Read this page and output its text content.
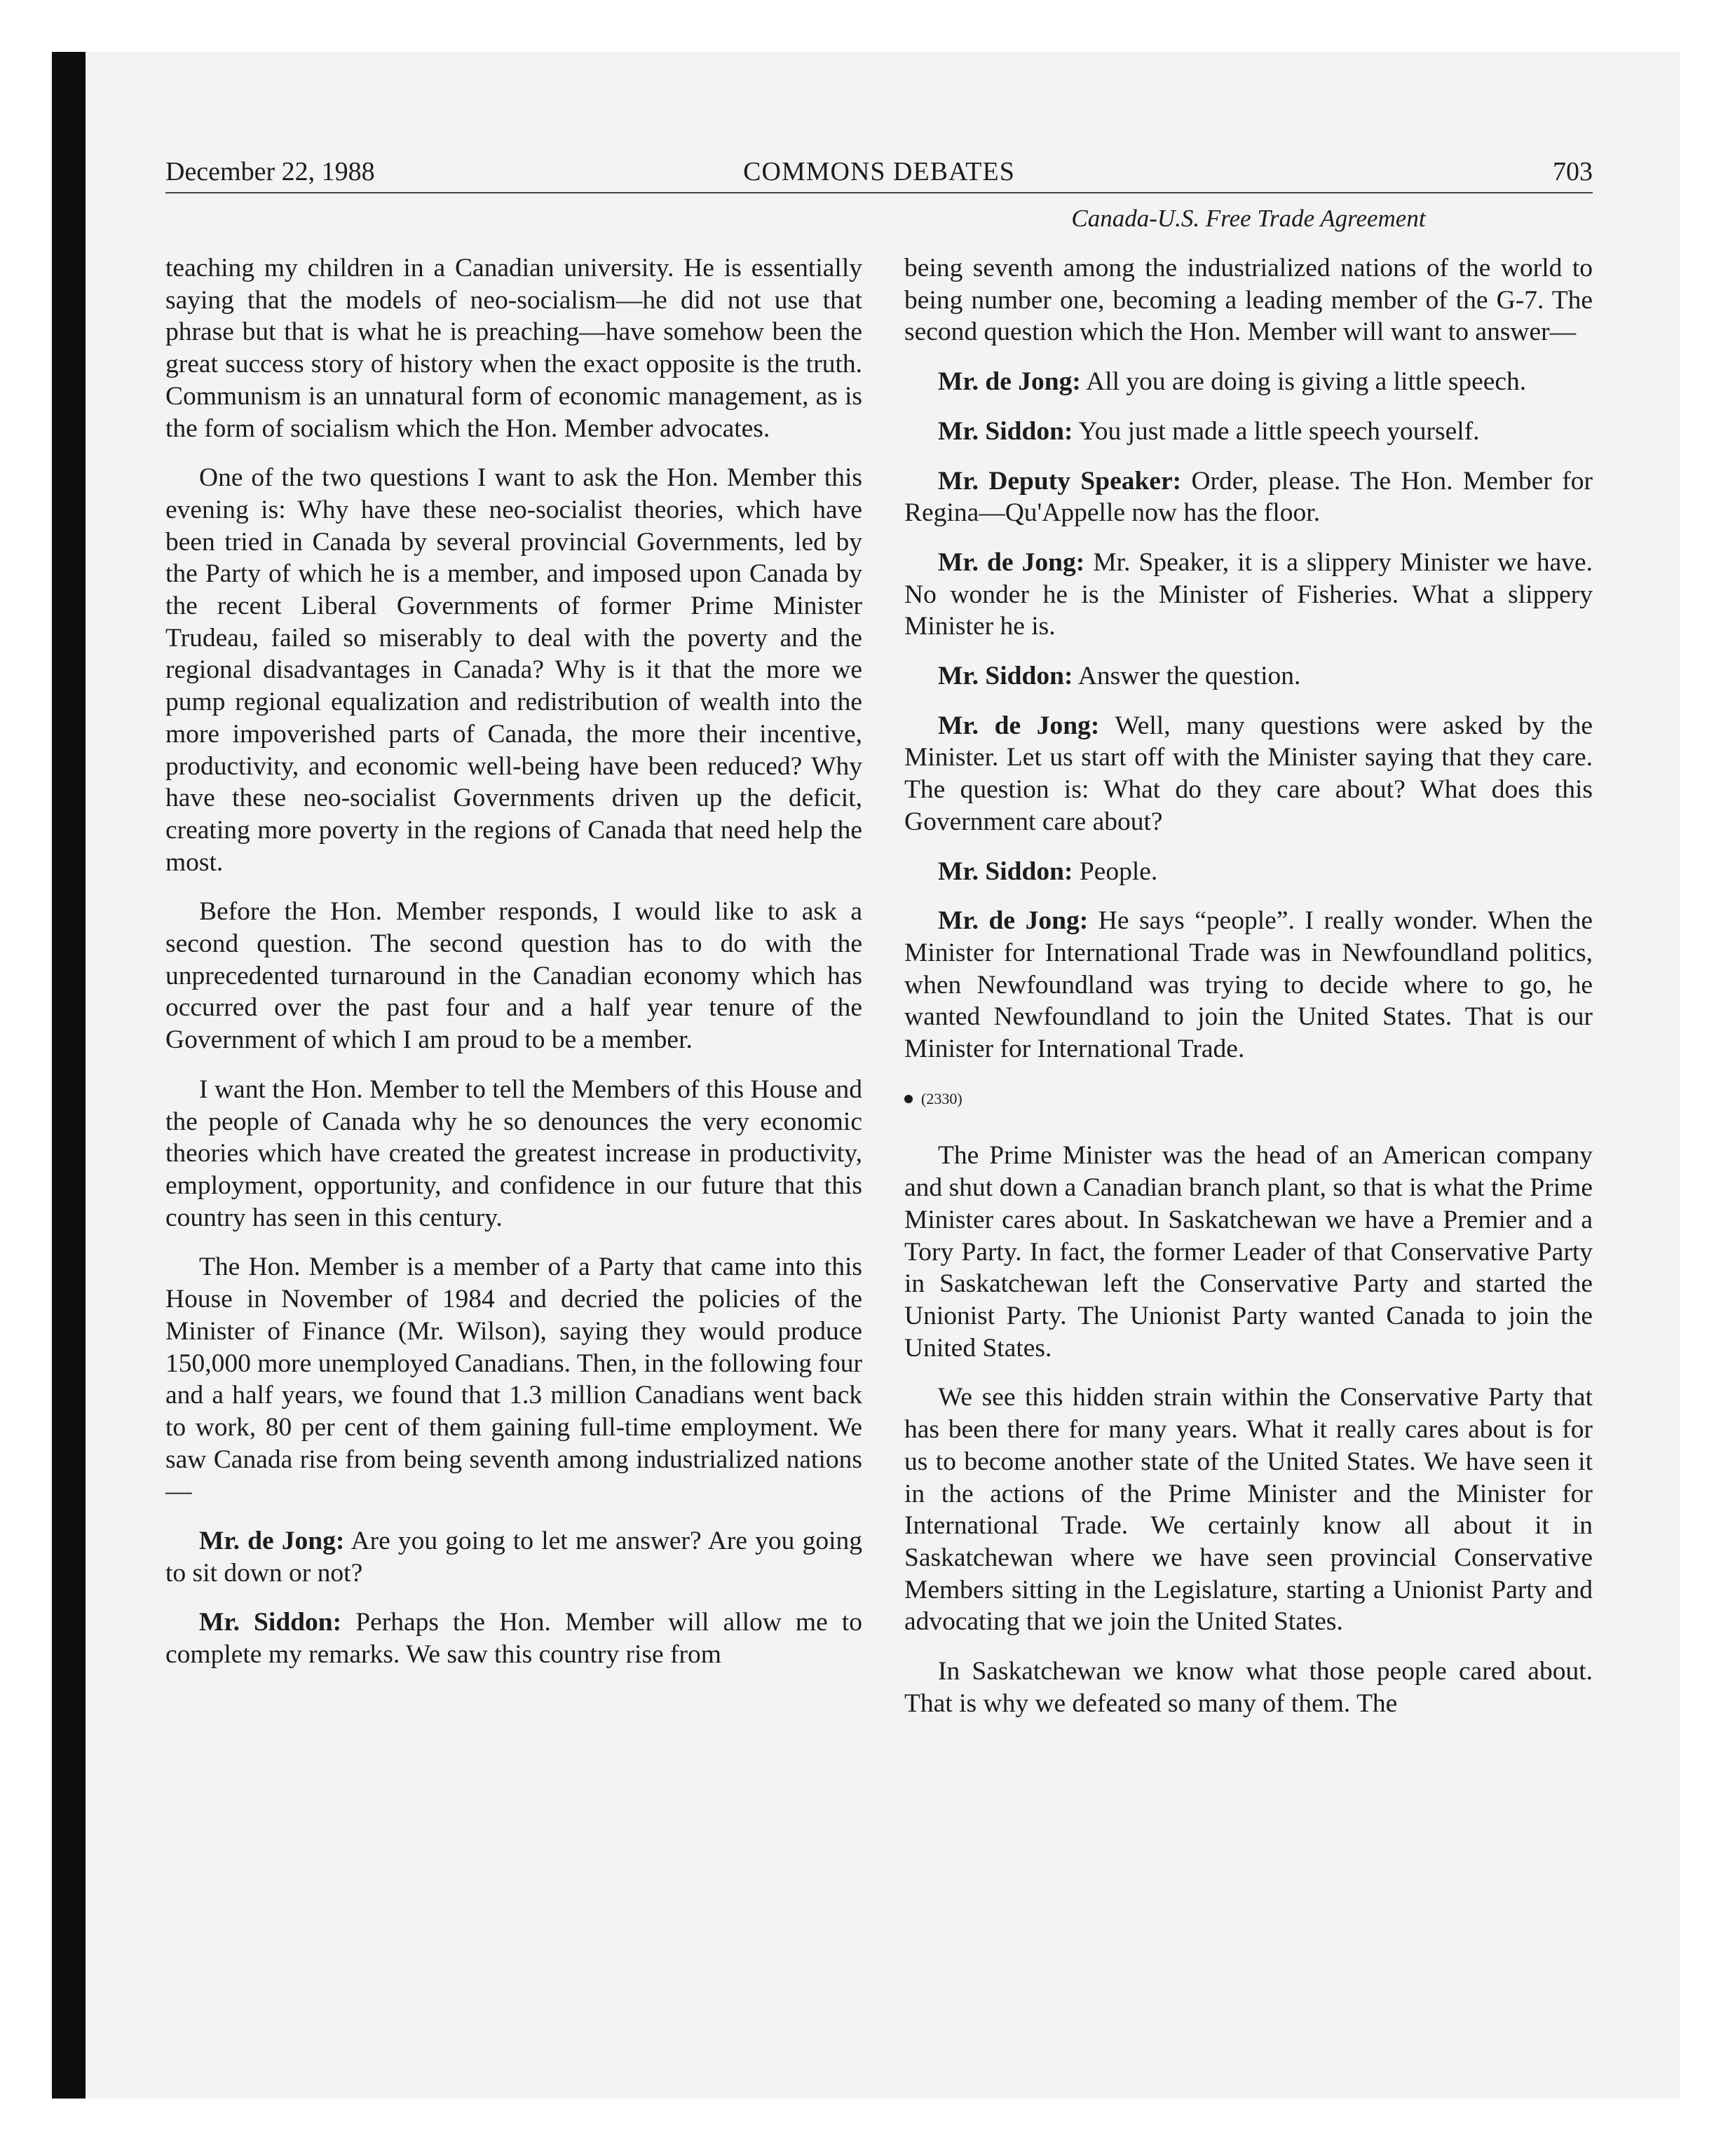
December 22, 1988	COMMONS DEBATES	703
Canada-U.S. Free Trade Agreement

teaching my children in a Canadian university. He is essentially saying that the models of neo-socialism—he did not use that phrase but that is what he is preaching—have somehow been the great success story of history when the exact opposite is the truth. Communism is an unnatural form of economic management, as is the form of socialism which the Hon. Member advocates.

One of the two questions I want to ask the Hon. Member this evening is: Why have these neo-socialist theories, which have been tried in Canada by several provincial Governments, led by the Party of which he is a member, and imposed upon Canada by the recent Liberal Governments of former Prime Minister Trudeau, failed so miserably to deal with the poverty and the regional disadvantages in Canada? Why is it that the more we pump regional equalization and redistribution of wealth into the more impoverished parts of Canada, the more their incentive, productivity, and economic well-being have been reduced? Why have these neo-socialist Governments driven up the deficit, creating more poverty in the regions of Canada that need help the most.

Before the Hon. Member responds, I would like to ask a second question. The second question has to do with the unprecedented turnaround in the Canadian economy which has occurred over the past four and a half year tenure of the Government of which I am proud to be a member.

I want the Hon. Member to tell the Members of this House and the people of Canada why he so denounces the very economic theories which have created the greatest increase in productivity, employment, opportunity, and confidence in our future that this country has seen in this century.

The Hon. Member is a member of a Party that came into this House in November of 1984 and decried the policies of the Minister of Finance (Mr. Wilson), saying they would produce 150,000 more unemployed Canadians. Then, in the following four and a half years, we found that 1.3 million Canadians went back to work, 80 per cent of them gaining full-time employment. We saw Canada rise from being seventh among industrialized nations—

Mr. de Jong: Are you going to let me answer? Are you going to sit down or not?

Mr. Siddon: Perhaps the Hon. Member will allow me to complete my remarks. We saw this country rise from

being seventh among the industrialized nations of the world to being number one, becoming a leading member of the G-7. The second question which the Hon. Member will want to answer—

Mr. de Jong: All you are doing is giving a little speech.

Mr. Siddon: You just made a little speech yourself.

Mr. Deputy Speaker: Order, please. The Hon. Member for Regina—Qu'Appelle now has the floor.

Mr. de Jong: Mr. Speaker, it is a slippery Minister we have. No wonder he is the Minister of Fisheries. What a slippery Minister he is.

Mr. Siddon: Answer the question.

Mr. de Jong: Well, many questions were asked by the Minister. Let us start off with the Minister saying that they care. The question is: What do they care about? What does this Government care about?

Mr. Siddon: People.

Mr. de Jong: He says “people”. I really wonder. When the Minister for International Trade was in Newfoundland politics, when Newfoundland was trying to decide where to go, he wanted Newfoundland to join the United States. That is our Minister for International Trade.

(2330)

The Prime Minister was the head of an American company and shut down a Canadian branch plant, so that is what the Prime Minister cares about. In Saskatchewan we have a Premier and a Tory Party. In fact, the former Leader of that Conservative Party in Saskatchewan left the Conservative Party and started the Unionist Party. The Unionist Party wanted Canada to join the United States.

We see this hidden strain within the Conservative Party that has been there for many years. What it really cares about is for us to become another state of the United States. We have seen it in the actions of the Prime Minister and the Minister for International Trade. We certainly know all about it in Saskatchewan where we have seen provincial Conservative Members sitting in the Legislature, starting a Unionist Party and advocating that we join the United States.

In Saskatchewan we know what those people cared about. That is why we defeated so many of them. The
